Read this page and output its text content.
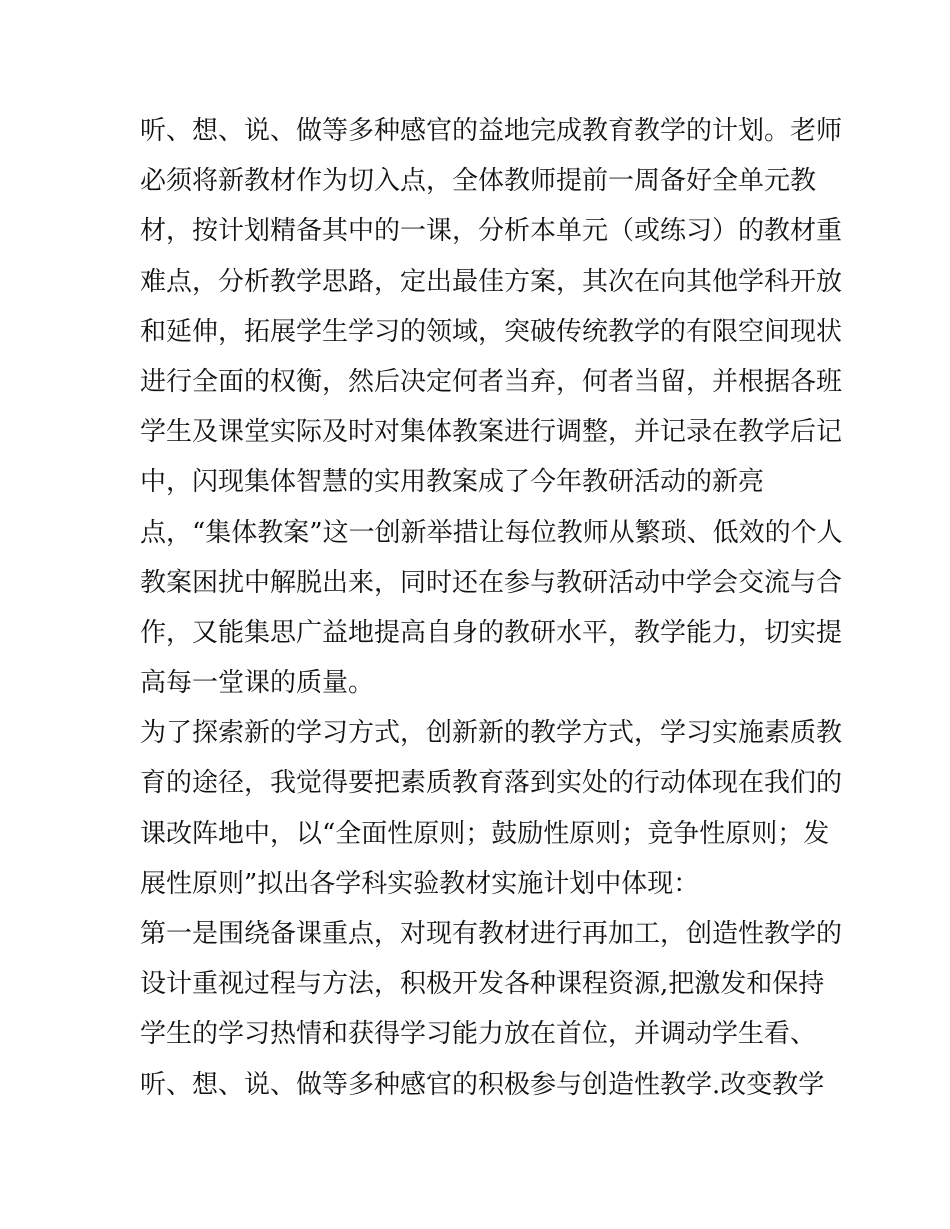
听、想、说、做等多种感官的益地完成教育教学的计划。老师
必须将新教材作为切入点，全体教师提前一周备好全单元教
材，按计划精备其中的一课，分析本单元（或练习）的教材重
难点，分析教学思路，定出最佳方案，其次在向其他学科开放
和延伸，拓展学生学习的领域，突破传统教学的有限空间现状
进行全面的权衡，然后决定何者当弃，何者当留，并根据各班
学生及课堂实际及时对集体教案进行调整，并记录在教学后记
中，闪现集体智慧的实用教案成了今年教研活动的新亮
点，“集体教案”这一创新举措让每位教师从繁琐、低效的个人
教案困扰中解脱出来，同时还在参与教研活动中学会交流与合
作，又能集思广益地提高自身的教研水平，教学能力，切实提
高每一堂课的质量。
为了探索新的学习方式，创新新的教学方式，学习实施素质教
育的途径，我觉得要把素质教育落到实处的行动体现在我们的
课改阵地中，以“全面性原则；鼓励性原则；竞争性原则；发
展性原则”拟出各学科实验教材实施计划中体现：
第一是围绕备课重点，对现有教材进行再加工，创造性教学的
设计重视过程与方法，积极开发各种课程资源,把激发和保持
学生的学习热情和获得学习能力放在首位，并调动学生看、
听、想、说、做等多种感官的积极参与创造性教学.改变教学
